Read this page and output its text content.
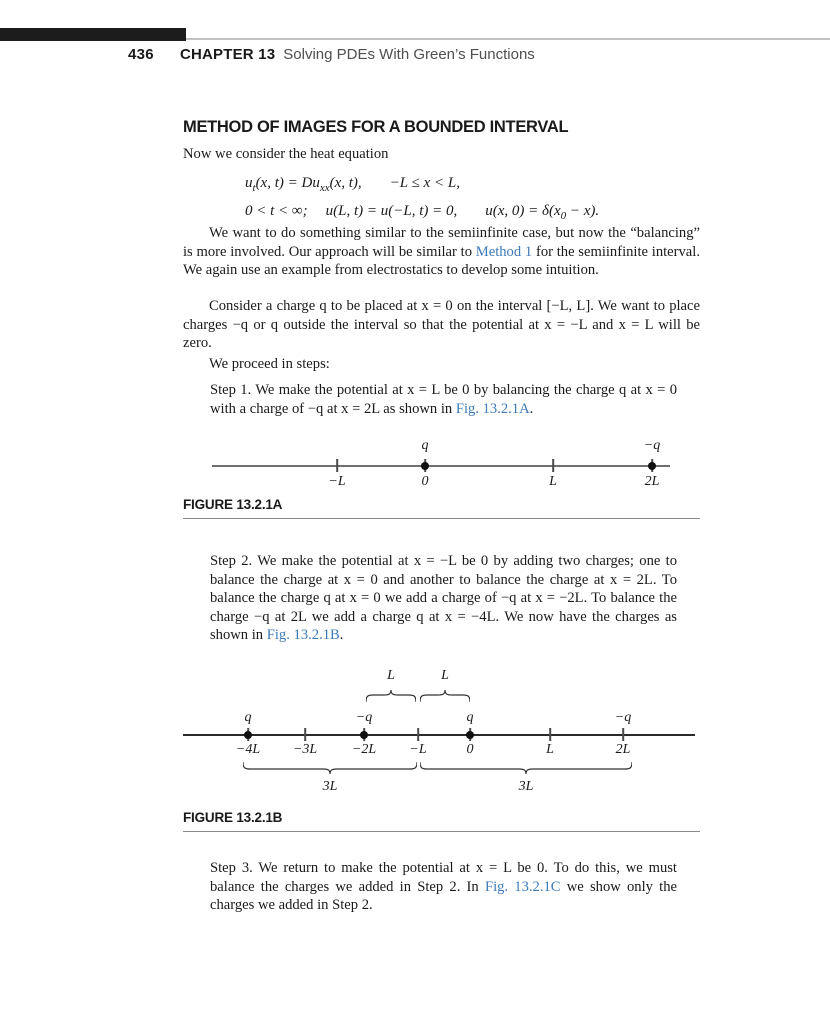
436 CHAPTER 13 Solving PDEs With Green’s Functions
METHOD OF IMAGES FOR A BOUNDED INTERVAL
Now we consider the heat equation
$u_t(x$, $t) = Du_{xx}(x$, t), −L ≤ x < L,
0 < t < ∞; u(L, t) = u(−L, t) = 0, u(x, $0) = \delta(x_0 - x)$.
We want to do something similar to the semiinfinite case, but now the “balancing” is more involved. Our approach will be similar to Method 1 for the semiinfinite interval. We again use an example from electrostatics to develop some intuition.
Consider a charge q to be placed at x = 0 on the interval [−L, L]. We want to place charges −q or q outside the interval so that the potential at x = −L and x = L will be zero.
We proceed in steps:
Step 1. We make the potential at x = L be 0 by balancing the charge q at x = 0 with a charge of −q at x = 2L as shown in Fig. 13.2.1A.
q	−q
−L	0	L	2L
FIGURE 13.2.1A
Step 2. We make the potential at x = −L be 0 by adding two charges; one to balance the charge at x = 0 and another to balance the charge at x = 2L. To balance the charge q at x = 0 we add a charge of −q at x = −2L. To balance the charge −q at 2L we add a charge q at x = −4L. We now have the charges as shown in Fig. 13.2.1B.
L	L
q	−q	q	−q
−4L −3L −2L −L	0	L	2L
3L	3L
FIGURE 13.2.1B
Step 3. We return to make the potential at x = L be 0. To do this, we must balance the charges we added in Step 2. In Fig. 13.2.1C we show only the charges we added in Step 2.
